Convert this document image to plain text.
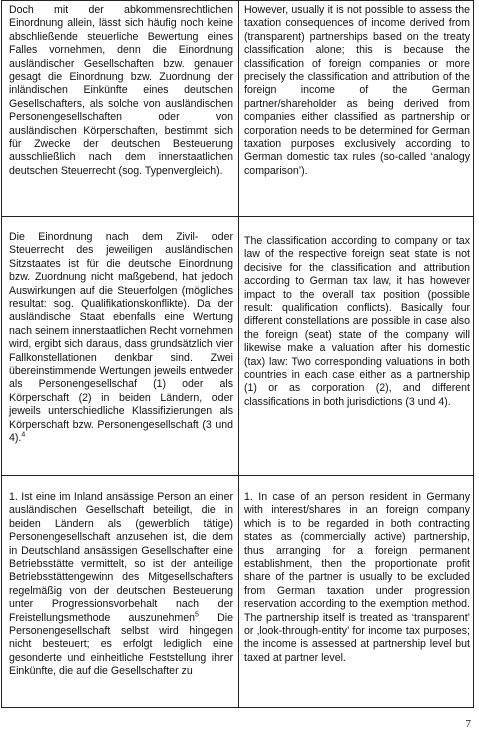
Doch mit der abkommensrechtlichen Einordnung allein, lässt sich häufig noch keine abschließende steuerliche Bewertung eines Falles vornehmen, denn die Einordnung ausländischer Gesellschaften bzw. genauer gesagt die Einordnung bzw. Zuordnung der inländischen Einkünfte eines deutschen Gesellschafters, als solche von ausländischen Personengesellschaften oder von ausländischen Körperschaften, bestimmt sich für Zwecke der deutschen Besteuerung ausschließlich nach dem innerstaatlichen deutschen Steuerrecht (sog. Typenvergleich).
However, usually it is not possible to assess the taxation consequences of income derived from (transparent) partnerships based on the treaty classification alone; this is because the classification of foreign companies or more precisely the classification and attribution of the foreign income of the German partner/shareholder as being derived from companies either classified as partnership or corporation needs to be determined for German taxation purposes exclusively according to German domestic tax rules (so-called ‘analogy comparison’).
Die Einordnung nach dem Zivil- oder Steuerrecht des jeweiligen ausländischen Sitzstaates ist für die deutsche Einordnung bzw. Zuordnung nicht maßgebend, hat jedoch Auswirkungen auf die Steuerfolgen (mögliches resultat: sog. Qualifikationskonflikte). Da der ausländische Staat ebenfalls eine Wertung nach seinem innerstaatlichen Recht vornehmen wird, ergibt sich daraus, dass grundsätzlich vier Fallkonstellationen denkbar sind. Zwei übereinstimmende Wertungen jeweils entweder als Personengesellschaf (1) oder als Körperschaft (2) in beiden Ländern, oder jeweils unterschiedliche Klassifizierungen als Körperschaft bzw. Personengesellschaft (3 und 4).$^4$
The classification according to company or tax law of the respective foreign seat state is not decisive for the classification and attribution according to German tax law, it has however impact to the overall tax position (possible result: qualification conflicts). Basically four different constellations are possible in case also the foreign (seat) state of the company will likewise make a valuation after his domestic (tax) law: Two corresponding valuations in both countries in each case either as a partnership (1) or as corporation (2), and different classifications in both jurisdictions (3 und 4).
1. Ist eine im Inland ansässige Person an einer ausländischen Gesellschaft beteiligt, die in beiden Ländern als (gewerblich tätige) Personengesellschaft anzusehen ist, die dem in Deutschland ansässigen Gesellschafter eine Betriebsstätte vermittelt, so ist der anteilige Betriebsstättengewinn des Mitgesellschafters regelmäßig von der deutschen Besteuerung unter Progressionsvorbehalt nach der Freistellungsmethode auszunehmen$^5$ Die Personengesellschaft selbst wird hingegen nicht besteuert; es erfolgt lediglich eine gesonderte und einheitliche Feststellung ihrer Einkünfte, die auf die Gesellschafter zu
1. In case of an person resident in Germany with interest/shares in an foreign company which is to be regarded in both contracting states as (commercially active) partnership, thus arranging for a foreign permanent establishment, then the proportionate profit share of the partner is usually to be excluded from German taxation under progression reservation according to the exemption method. The partnership itself is treated as ‘transparent’ or ‚look-through-entity’ for income tax purposes; the income is assessed at partnership level but taxed at partner level.
7
